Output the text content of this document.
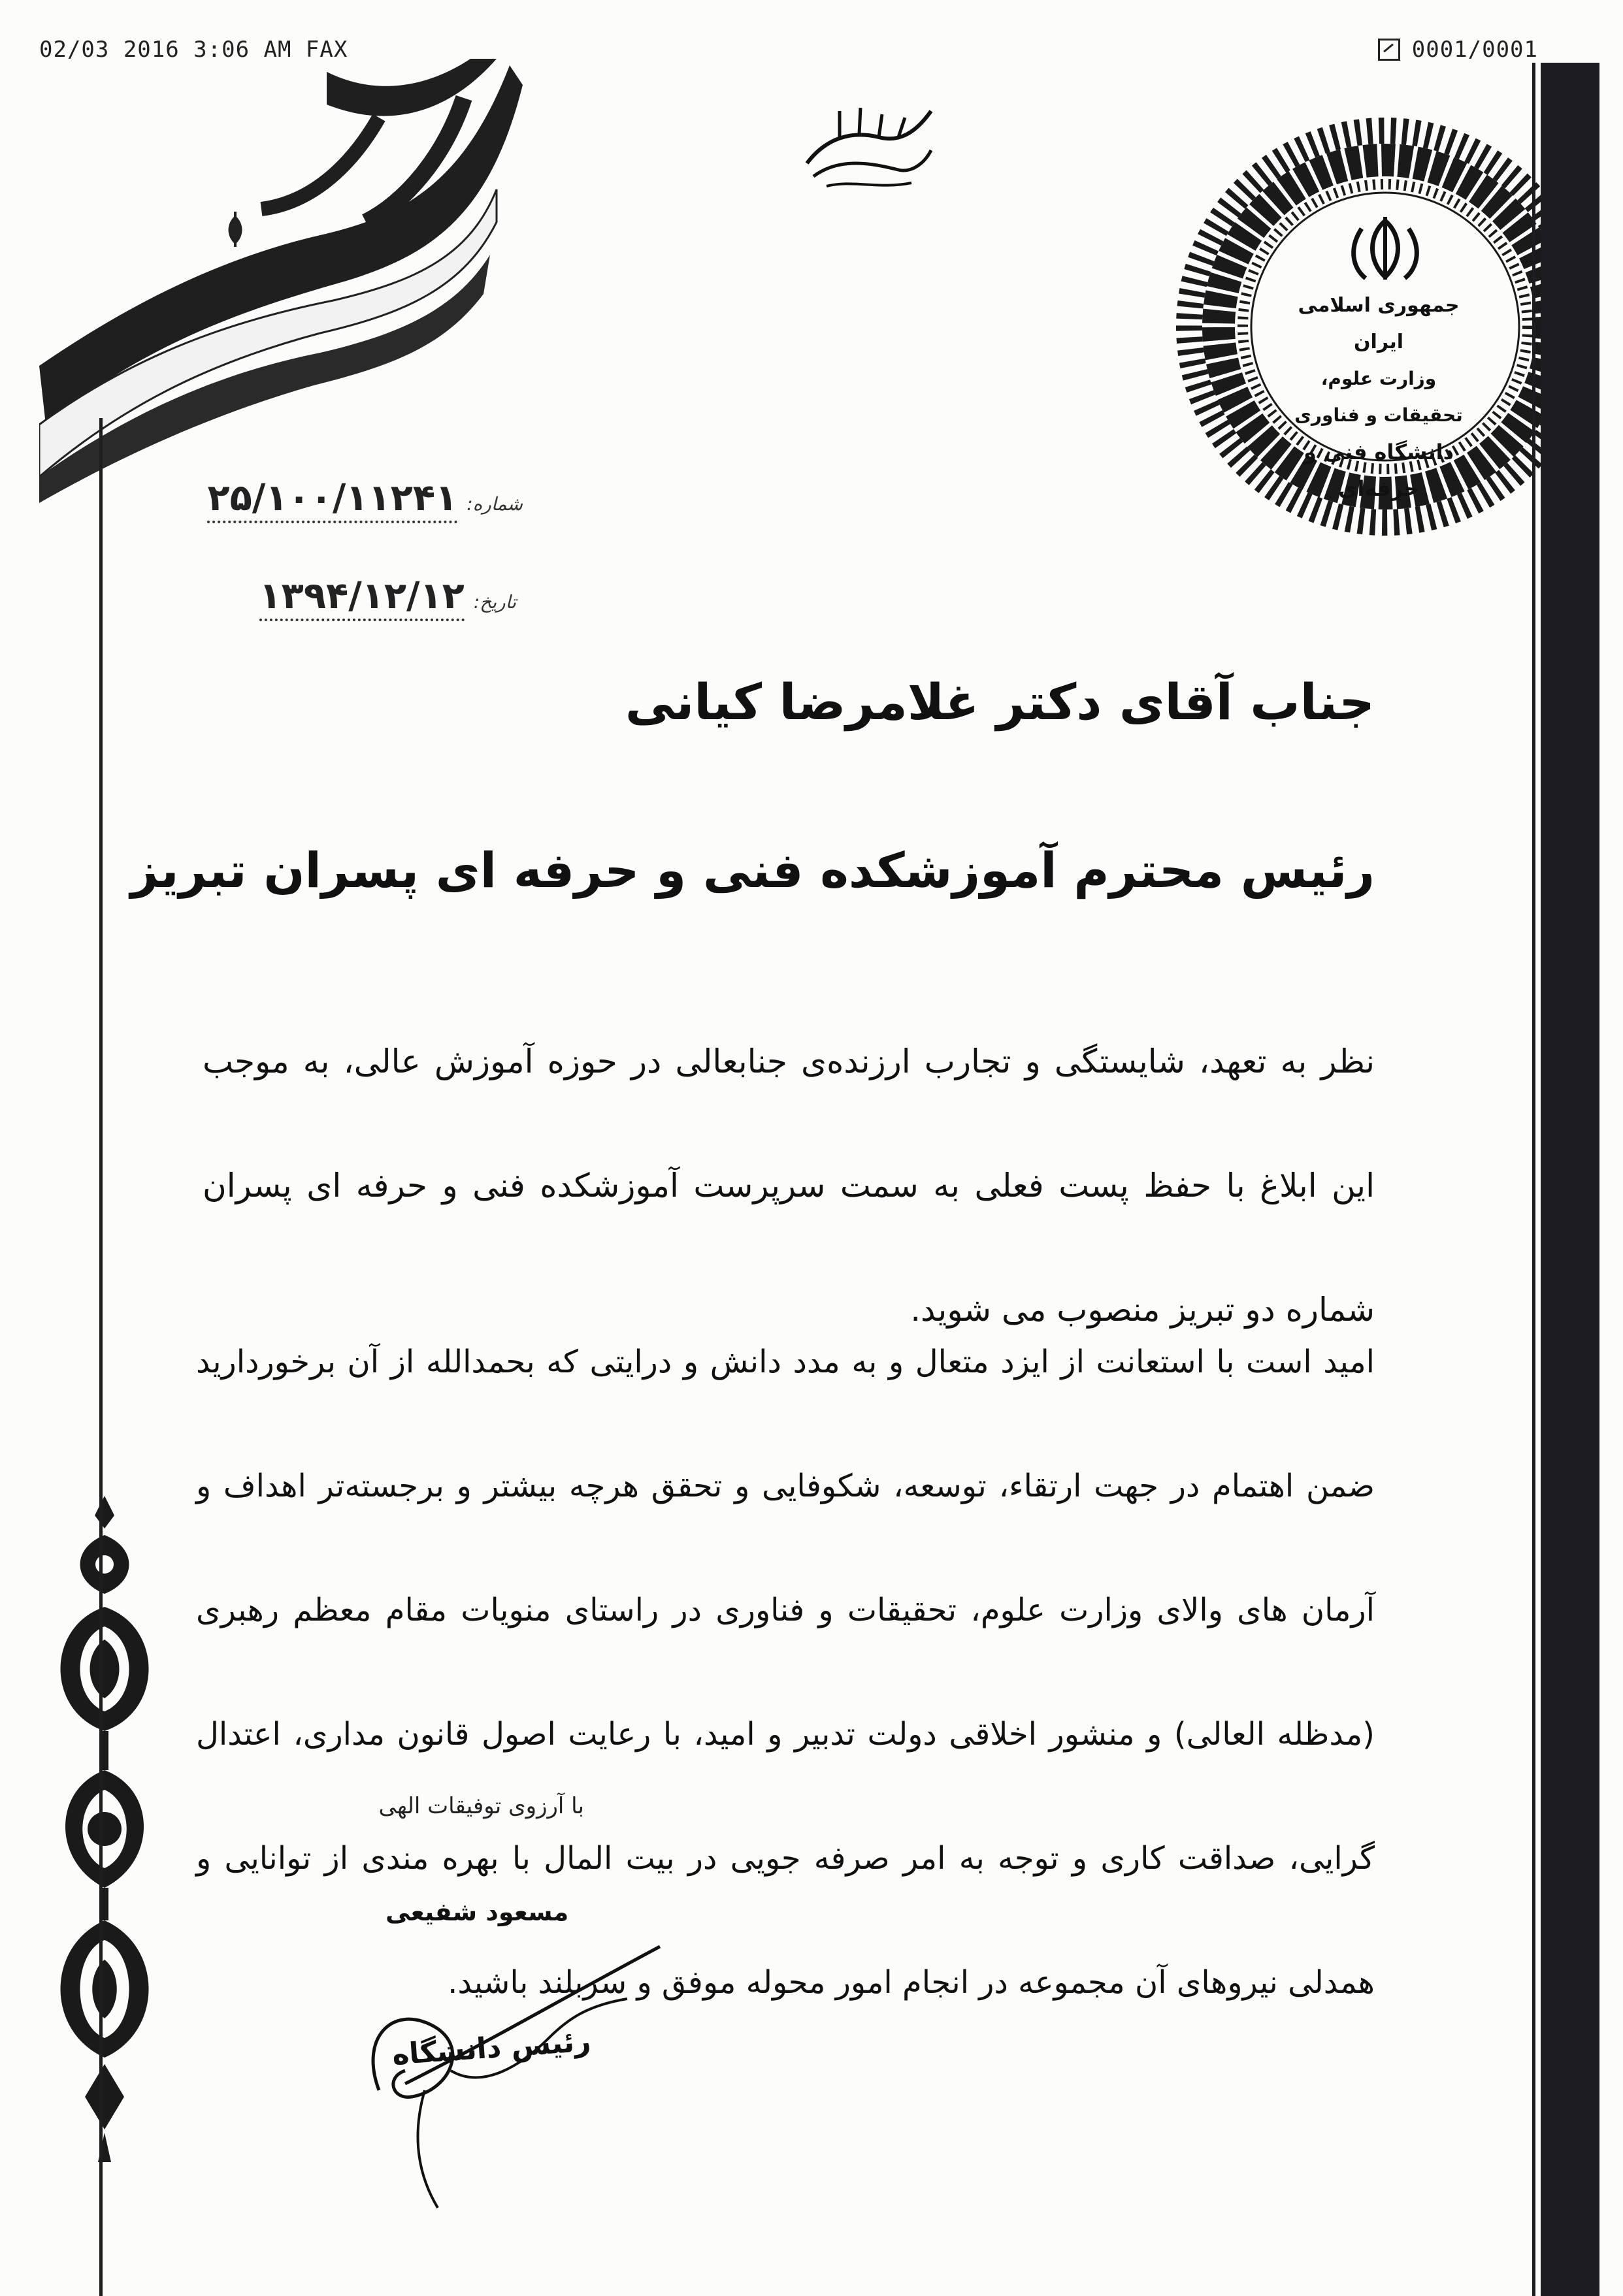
02/03 2016 3:06 AM FAX	0001/0001
جمهوری اسلامی ایران
وزارت علوم، تحقیقات و فناوری
دانشگاه فنی و حرفه‌ای
شماره:
۲۵/۱۰۰/۱۱۲۴۱
تاریخ:
۱۳۹۴/۱۲/۱۲
جناب آقای دکتر غلامرضا کیانی
رئیس محترم آموزشکده فنی و حرفه ای پسران تبریز
نظر به تعهد، شایستگی و تجارب ارزنده‌ی جنابعالی در حوزه آموزش عالی، به موجب این ابلاغ با حفظ پست فعلی به سمت سرپرست آموزشکده فنی و حرفه ای پسران شماره دو تبریز منصوب می شوید.
امید است با استعانت از ایزد متعال و به مدد دانش و درایتی که بحمدالله از آن برخوردارید ضمن اهتمام در جهت ارتقاء، توسعه، شکوفایی و تحقق هرچه بیشتر و برجسته‌تر اهداف و آرمان های والای وزارت علوم، تحقیقات و فناوری در راستای منویات مقام معظم رهبری (مدظله العالی) و منشور اخلاقی دولت تدبیر و امید، با رعایت اصول قانون مداری، اعتدال گرایی، صداقت کاری و توجه به امر صرفه جویی در بیت المال با بهره مندی از توانایی و همدلی نیروهای آن مجموعه در انجام امور محوله موفق و سربلند باشید.
با آرزوی توفیقات الهی
مسعود شفیعی
رئیس دانشگاه
